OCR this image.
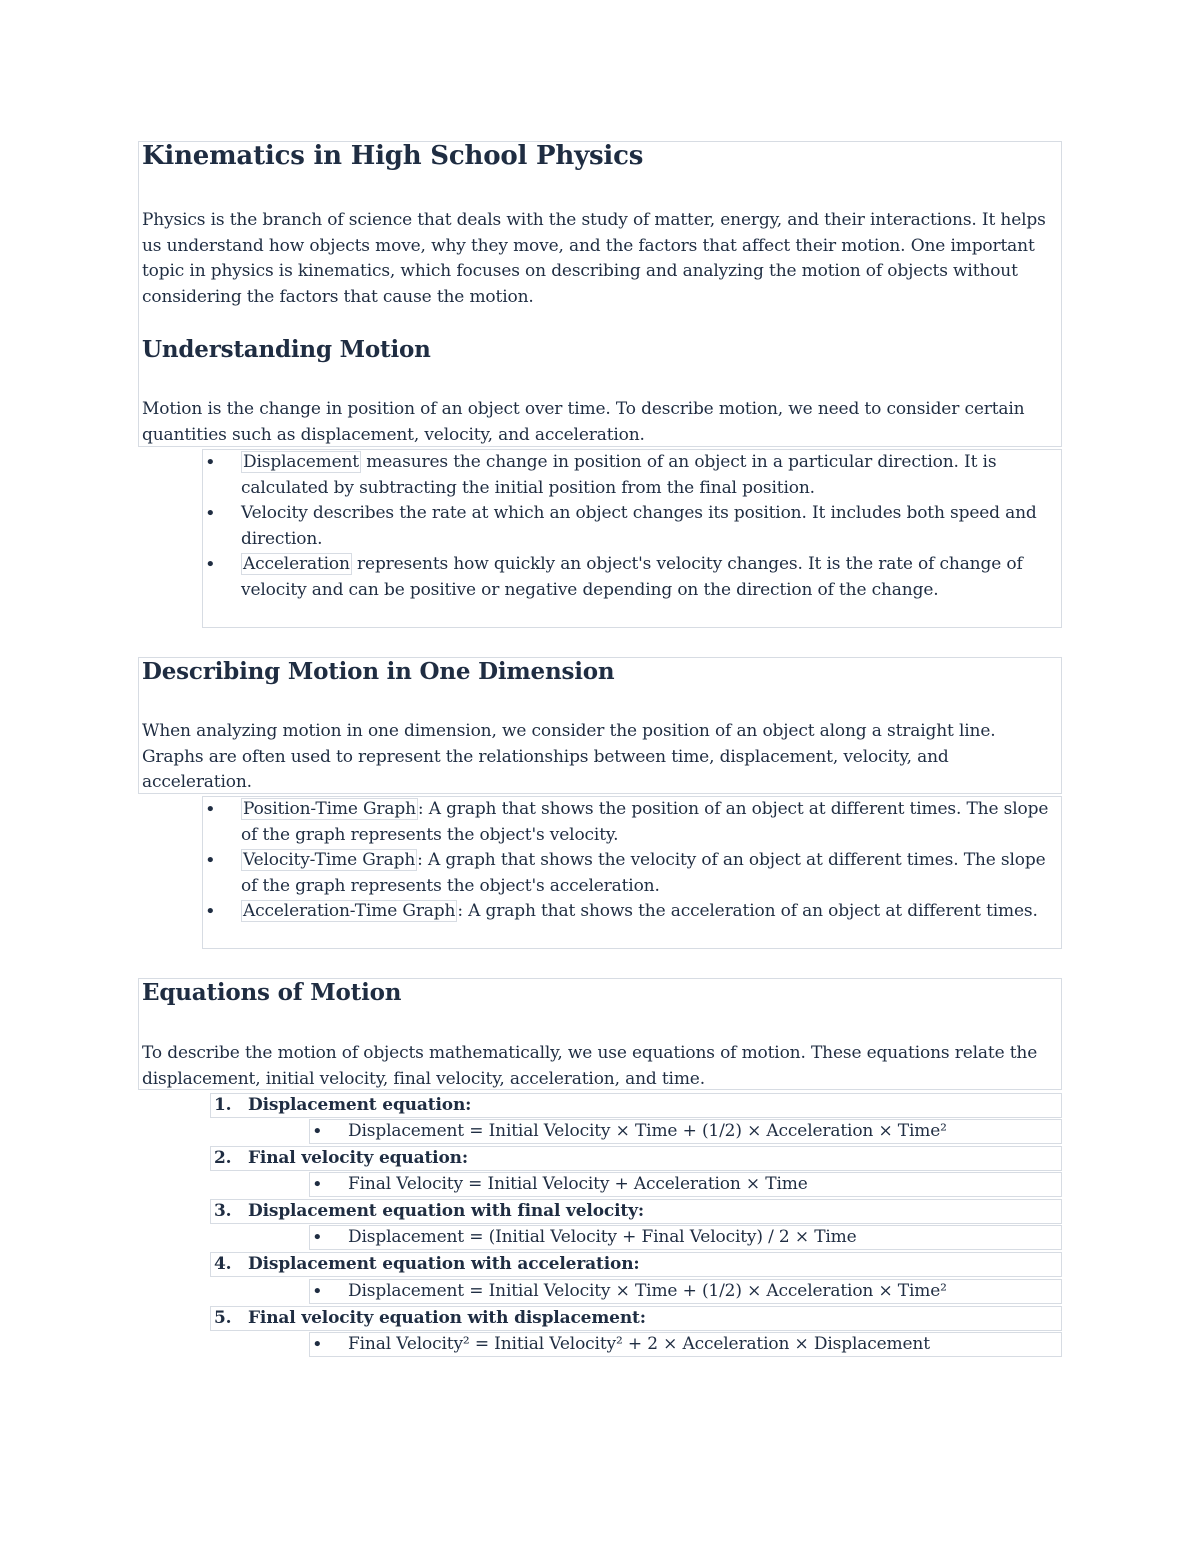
Kinematics in High School Physics

Physics is the branch of science that deals with the study of matter, energy, and their interactions. It helps us understand how objects move, why they move, and the factors that affect their motion. One important topic in physics is kinematics, which focuses on describing and analyzing the motion of objects without considering the factors that cause the motion.

Understanding Motion

Motion is the change in position of an object over time. To describe motion, we need to consider certain quantities such as displacement, velocity, and acceleration.

• Displacement measures the change in position of an object in a particular direction. It is calculated by subtracting the initial position from the final position.
• Velocity describes the rate at which an object changes its position. It includes both speed and direction.
• Acceleration represents how quickly an object's velocity changes. It is the rate of change of velocity and can be positive or negative depending on the direction of the change.
Describing Motion in One Dimension

When analyzing motion in one dimension, we consider the position of an object along a straight line. Graphs are often used to represent the relationships between time, displacement, velocity, and acceleration.

• Position-Time Graph : A graph that shows the position of an object at different times. The slope of the graph represents the object's velocity.
• Velocity-Time Graph : A graph that shows the velocity of an object at different times. The slope of the graph represents the object's acceleration.
• Acceleration-Time Graph : A graph that shows the acceleration of an object at different times.
Equations of Motion

To describe the motion of objects mathematically, we use equations of motion. These equations relate the displacement, initial velocity, final velocity, acceleration, and time.

1. Displacement equation:
• Displacement = Initial Velocity × Time + (1/2) × Acceleration × Time²
2. Final velocity equation:
• Final Velocity = Initial Velocity + Acceleration × Time
3. Displacement equation with final velocity:
• Displacement = (Initial Velocity + Final Velocity) / 2 × Time
4. Displacement equation with acceleration:
• Displacement = Initial Velocity × Time + (1/2) × Acceleration × Time²
5. Final velocity equation with displacement:
• Final Velocity² = Initial Velocity² + 2 × Acceleration × Displacement
